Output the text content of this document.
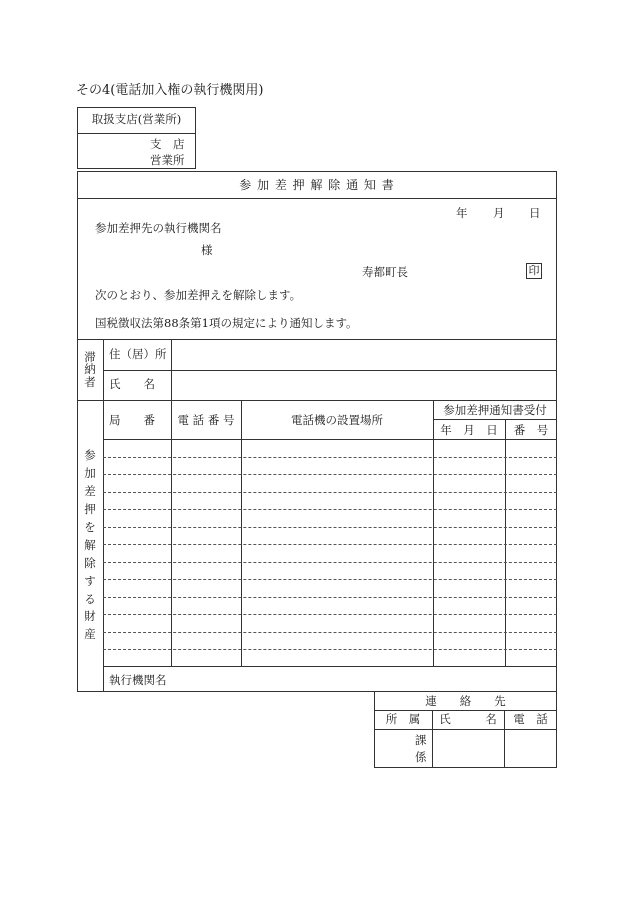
その4(電話加入権の執行機関用)
取扱支店(営業所)
支　店
営業所
参 加 差 押 解 除 通 知 書
年 月 日
参加差押先の執行機関名
様
寿都町長	印
次のとおり、参加差押えを解除します。
国税徴収法第88条第1項の規定により通知します。
滞
納
者
住（居）所
氏　　名
局　　番	電 話 番 号	電話機の設置場所
参加差押通知書受付
年　月　日	番　号
参
加
差
押
を
解
除
す
る
財
産
執行機関名
連　　絡　　先
所　属	氏　　　名	電　話
課
係
